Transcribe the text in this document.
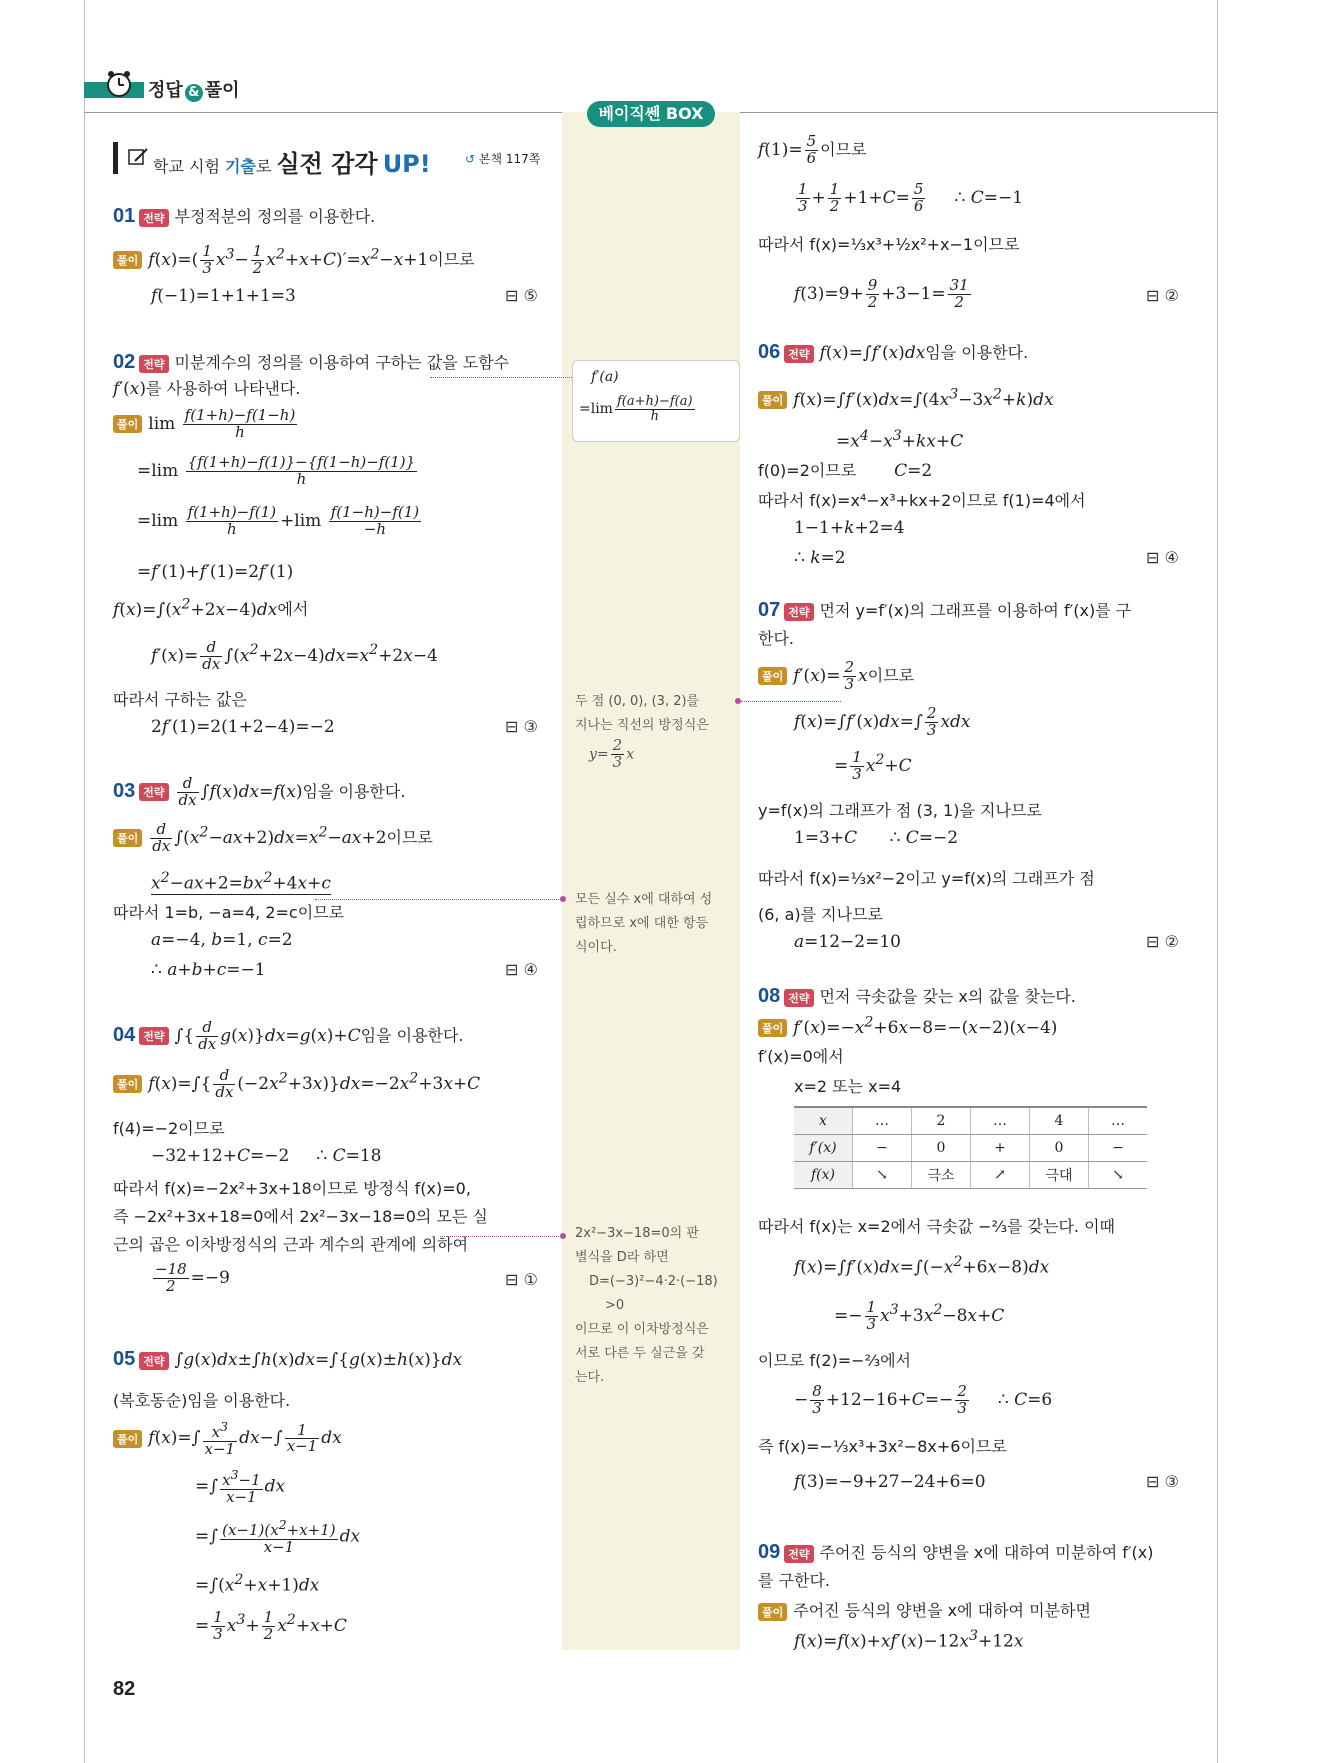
정답 & 풀이
베이직쎈 BOX
학교 시험 기출로 실전 감각 UP!	↺ 본책 117쪽
01 전략 부정적분의 정의를 이용한다.
풀이 $f(x)=( \frac{1}{3} x^3- \frac{1}{2} x^2+x+C)'=x^2-x+1$이므로
f(−1)=1+1+1=3	⊟ ⑤
02 전략 미분계수의 정의를 이용하여 구하는 값을 도함수
f′(x)를 사용하여 나타낸다.
풀이 $\lim \frac{f(1+h)-f(1-h)}{h}$
$=\lim \frac{\{f(1+h)-f(1)\}-\{f(1-h)-f(1)\}}{h}$
$=\lim \frac{f(1+h)-f(1)}{h} +\lim \frac{f(1-h)-f(1)}{-h}$
=f′(1)+f′(1)=2f′(1)
$f(x)=\int(x^2+2x-4)dx$에서
$f'(x)= \frac{d}{dx} \int(x^2+2x-4)dx=x^2+2x-4$
따라서 구하는 값은
2f′(1)=2(1+2−4)=−2	⊟ ③
03 전략 $\frac{d}{dx} \int f(x)dx=f(x)$임을 이용한다.
풀이 $\frac{d}{dx} \int(x^2-ax+2)dx=x^2-ax+2$이므로
$x^2-ax+2=bx^2+4x+c$
따라서 1=b, −a=4, 2=c이므로
a=−4, b=1, c=2
∴ a+b+c=−1	⊟ ④
04 전략 ∫{ $\frac{d}{dx} g(x)\}dx=g(x)+C$임을 이용한다.
풀이 $f(x)=\int\{ \frac{d}{dx} (-2x^2+3x)\}dx=-2x^2+3x+C$
f(4)=−2이므로
−32+12+C=−2     ∴ C=18
따라서 f(x)=−2x²+3x+18이므로 방정식 f(x)=0,
즉 −2x²+3x+18=0에서 2x²−3x−18=0의 모든 실
근의 곱은 이차방정식의 근과 계수의 관계에 의하여
$\frac{-18}{2} =-9$	⊟ ①
05 전략 ∫g(x)dx±∫h(x)dx=∫{g(x)±h(x)}dx
(복호동순)임을 이용한다.
풀이 $f(x)=\int \frac{x^3}{x-1} dx-\int \frac{1}{x-1}$ dx
=∫ $\frac{x^3-1}{x-1}$ dx
=∫ $\frac{(x-1)(x^2+x+1)}{x-1}$ dx
$=\int(x^2+x+1)dx$
= $\frac{1}{3} x^3+ \frac{1}{2} x^2+x+C$
82
f′(a)
$=\lim \frac{f(a+h)-f(a)}{h}$
두 점 (0, 0), (3, 2)를
지나는 직선의 방정식은
$y= \frac{2}{3}$ x
모든 실수 x에 대하여 성
립하므로 x에 대한 항등
식이다.
2x²−3x−18=0의 판
별식을 D라 하면
D=(−3)²−4·2·(−18)
>0
이므로 이 이차방정식은
서로 다른 두 실근을 갖
는다.
$f(1)= \frac{5}{6}$ 이므로
$\frac{1}{3} + \frac{1}{2} +1+C= \frac{5}{6}$ ∴ C=−1
따라서 f(x)=⅓x³+½x²+x−1이므로
$f(3)=9+ \frac{9}{2} +3-1= \frac{31}{2}$	⊟ ②
06 전략 f(x)=∫f′(x)dx임을 이용한다.
풀이 $f(x)=\int f'(x)dx=\int(4x^3-3x^2+k)dx$
$=x^4-x^3+kx+C$
f(0)=2이므로       C=2
따라서 f(x)=x⁴−x³+kx+2이므로 f(1)=4에서
1−1+k+2=4
∴ k=2	⊟ ④
07 전략 먼저 y=f′(x)의 그래프를 이용하여 f′(x)를 구
한다.
풀이 $f'(x)= \frac{2}{3}$ x이므로
$f(x)=\int f'(x)dx=\int \frac{2}{3}$ xdx
= $\frac{1}{3} x^2+C$
y=f(x)의 그래프가 점 (3, 1)을 지나므로
1=3+C      ∴ C=−2
따라서 f(x)=⅓x²−2이고 y=f(x)의 그래프가 점
(6, a)를 지나므로
a=12−2=10	⊟ ②
08 전략 먼저 극솟값을 갖는 x의 값을 찾는다.
풀이 $f'(x)=-x^2+6x-8=-(x-2)(x-4)$
f′(x)=0에서
x=2 또는 x=4
x	…	2	…	4	…
f′(x)	−	0	+	0	−
f(x)	↘	극소	↗	극대	↘
따라서 f(x)는 x=2에서 극솟값 −⅔를 갖는다. 이때
$f(x)=\int f'(x)dx=\int(-x^2+6x-8)dx$
=− $\frac{1}{3} x^3+3x^2-8x+C$
이므로 f(2)=−⅔에서
− $\frac{8}{3} +12-16+C=- \frac{2}{3}$ ∴ C=6
즉 f(x)=−⅓x³+3x²−8x+6이므로
f(3)=−9+27−24+6=0	⊟ ③
09 전략 주어진 등식의 양변을 x에 대하여 미분하여 f′(x)
를 구한다.
풀이 주어진 등식의 양변을 x에 대하여 미분하면
$f(x)=f(x)+xf'(x)-12x^3+12x$
